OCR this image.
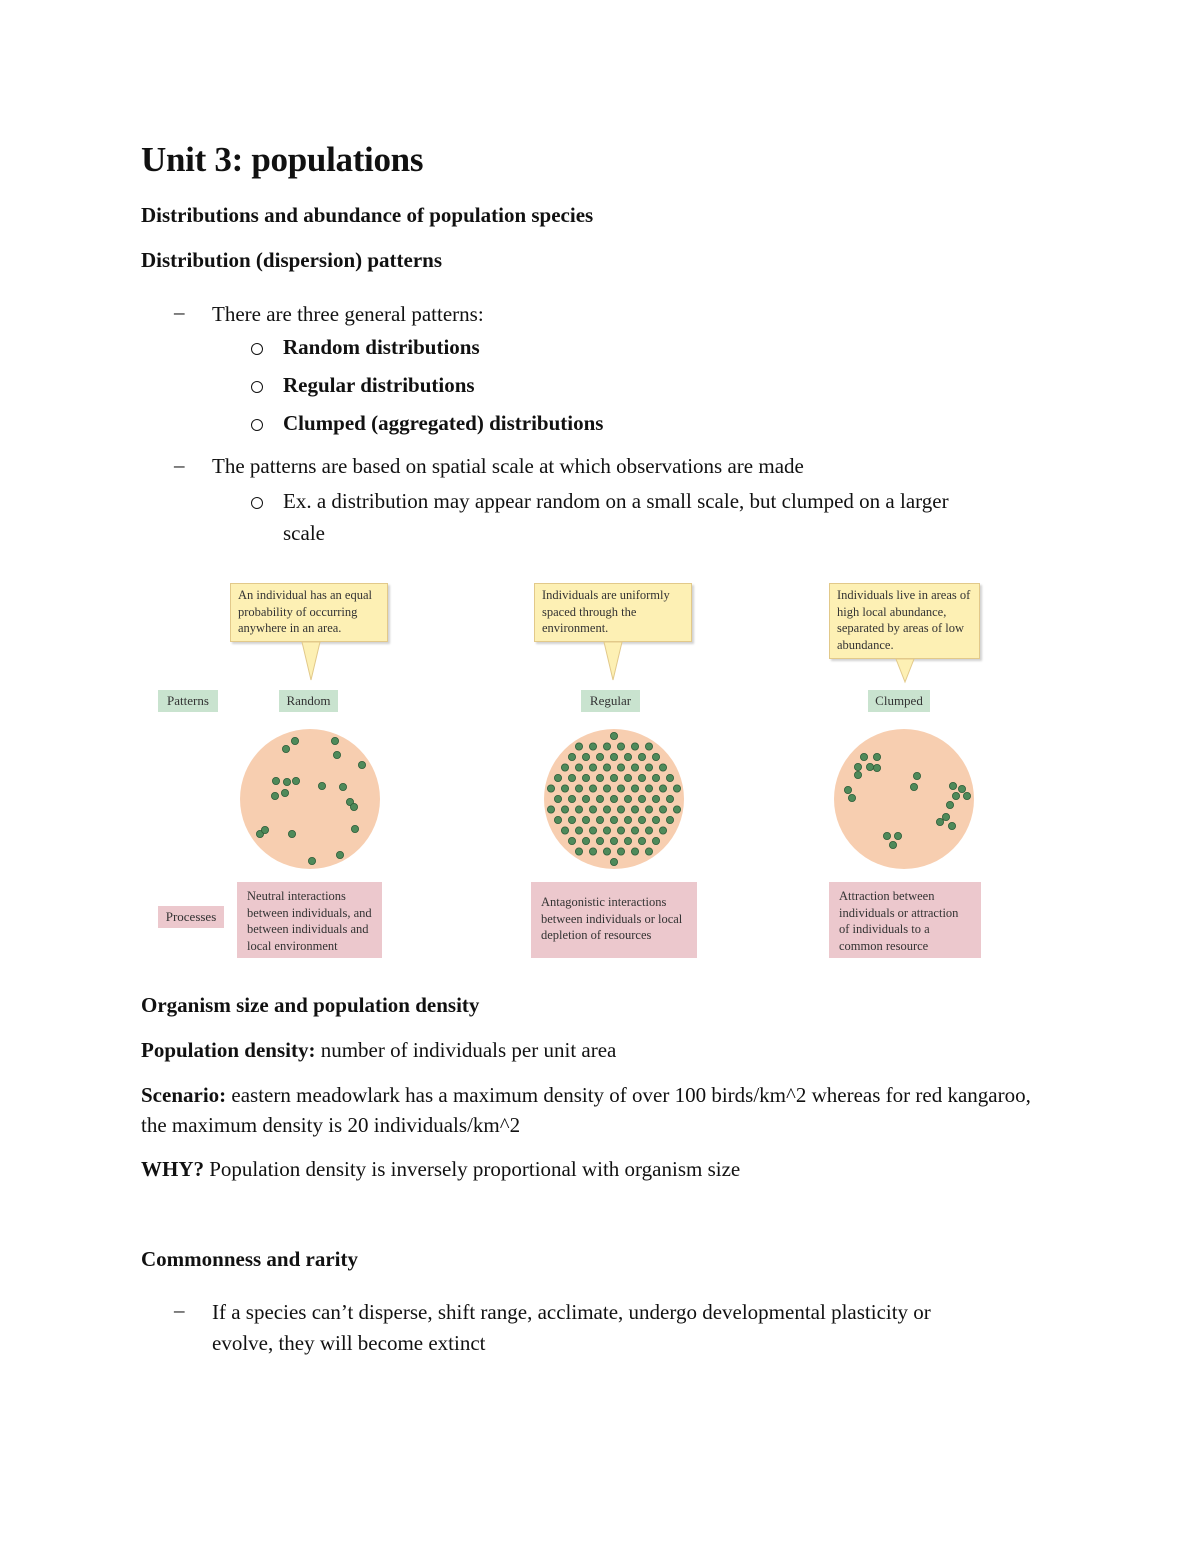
Unit 3: populations
Distributions and abundance of population species
Distribution (dispersion) patterns
– There are three general patterns:
Random distributions
Regular distributions
Clumped (aggregated) distributions
– The patterns are based on spatial scale at which observations are made
Ex. a distribution may appear random on a small scale, but clumped on a larger
scale
Patterns
Processes
An individual has an equal probability of occurring anywhere in an area.
Individuals are uniformly spaced through the environment.
Individuals live in areas of high local abundance, separated by areas of low abundance.
Random	Regular	Clumped
Neutral interactions between individuals, and between individuals and local environment
Antagonistic interactions between individuals or local depletion of resources
Attraction between individuals or attraction of individuals to a common resource
Organism size and population density

Population density: number of individuals per unit area

Scenario: eastern meadowlark has a maximum density of over 100 birds/km^2 whereas for red kangaroo, the maximum density is 20 individuals/km^2

WHY? Population density is inversely proportional with organism size

Commonness and rarity
– If a species can’t disperse, shift range, acclimate, undergo developmental plasticity or
evolve, they will become extinct
